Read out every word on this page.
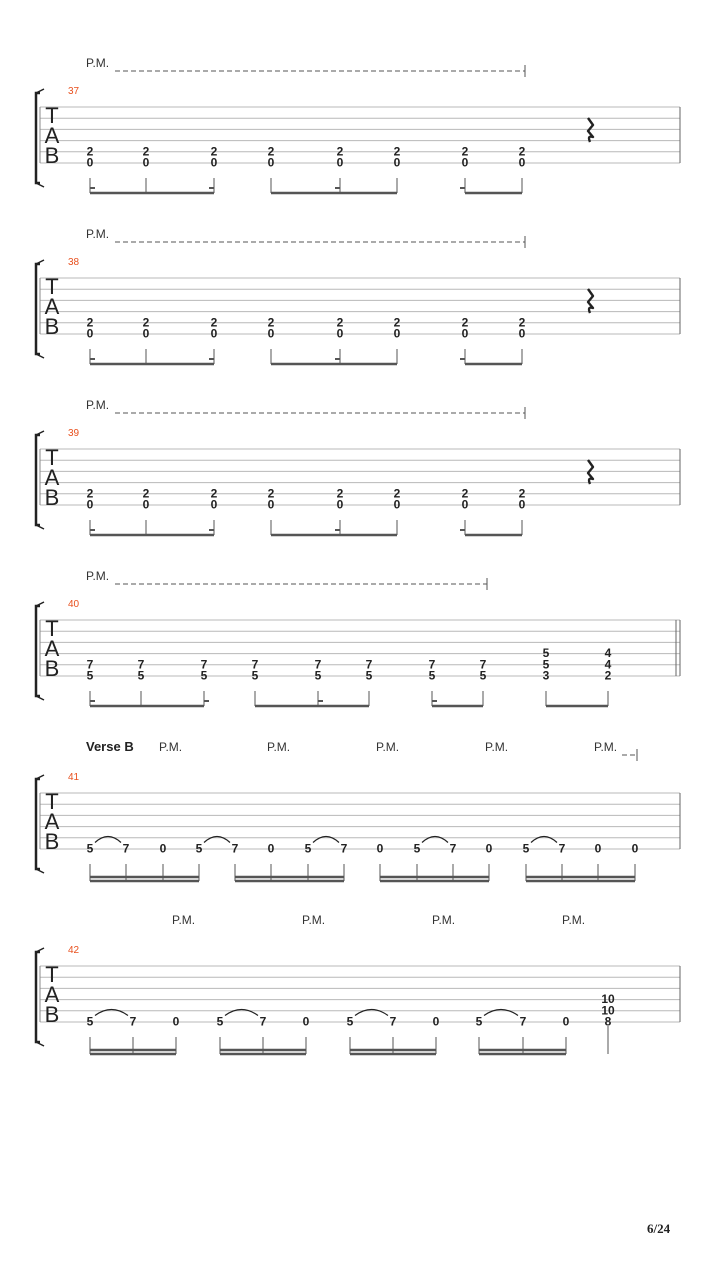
T
A
B
37
P.M.
2
0
2
0
2
0
2
0
2
0
2
0
2
0
2
0
T
A
B
38
P.M.
2
0
2
0
2
0
2
0
2
0
2
0
2
0
2
0
T
A
B
39
P.M.
2
0
2
0
2
0
2
0
2
0
2
0
2
0
2
0
T
A
B
40
P.M.
7
5
7
5
7
5
7
5
7
5
7
5
7
5
7
5
5
5
3
4
4
2
T
A
B
41
Verse B P.M.	P.M.	P.M.	P.M.	P.M.
5 7	0 5 7 0	5 7 0	5 7 0	5 7 0	0
T
A
B
42
P.M.	P.M.	P.M.	P.M.
5	7	0	5	7	0	5	7	0	5	7	0
10
10
8
6/24
